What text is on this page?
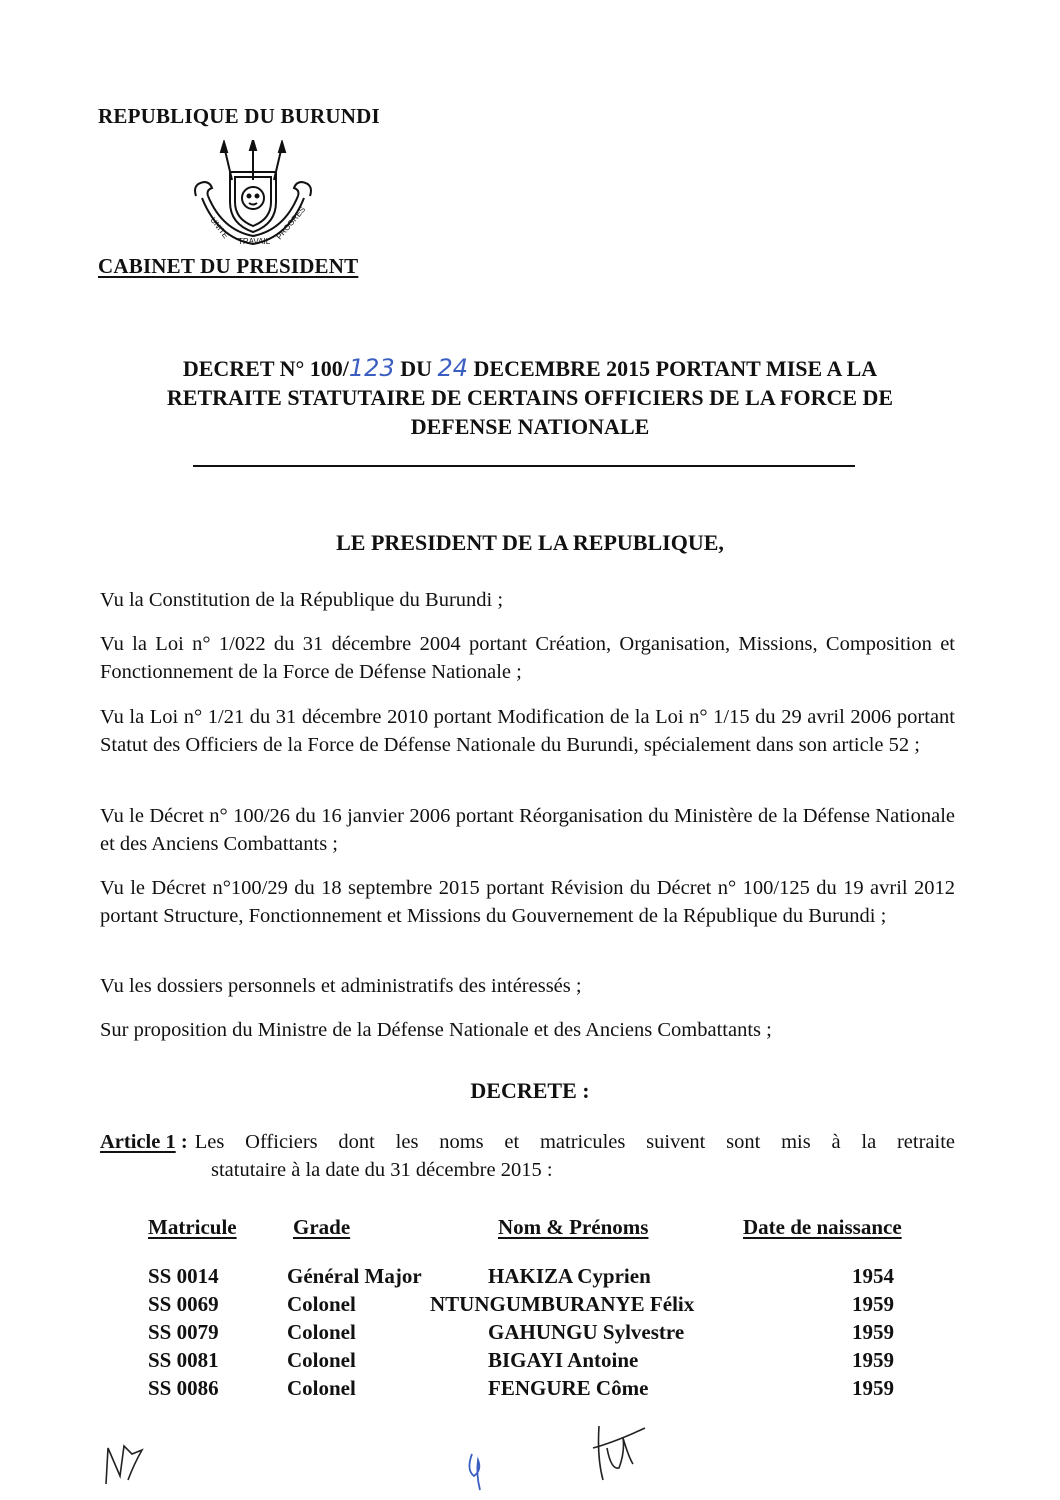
REPUBLIQUE DU BURUNDI
UNITE
TRAVAIL
PROGRES
CABINET DU PRESIDENT
DECRET N° 100/123 DU 24 DECEMBRE 2015 PORTANT MISE A LA
RETRAITE STATUTAIRE DE CERTAINS OFFICIERS DE LA FORCE DE
DEFENSE NATIONALE
LE PRESIDENT DE LA REPUBLIQUE,
Vu la Constitution de la République du Burundi ;
Vu la Loi n° 1/022 du 31 décembre 2004 portant Création, Organisation, Missions, Composition et Fonctionnement de la Force de Défense Nationale ;
Vu la Loi n° 1/21 du 31 décembre 2010 portant Modification de la Loi n° 1/15 du 29 avril 2006 portant Statut des Officiers de la Force de Défense Nationale du Burundi, spécialement dans son article 52 ;
Vu le Décret n° 100/26 du 16 janvier 2006 portant Réorganisation du Ministère de la Défense Nationale et des Anciens Combattants ;
Vu le Décret n°100/29 du 18 septembre 2015 portant Révision du Décret n° 100/125 du 19 avril 2012 portant Structure, Fonctionnement et Missions du Gouvernement de la République du Burundi ;
Vu les dossiers personnels et administratifs des intéressés ;
Sur proposition du Ministre de la Défense Nationale et des Anciens Combattants ;
DECRETE :
Article 1 : Les Officiers dont les noms et matricules suivent sont mis à la retraite
statutaire à la date du 31 décembre 2015 :
Matricule	Grade	Nom & Prénoms	Date de naissance
SS 0014	Général Major	HAKIZA Cyprien	1954
SS 0069	Colonel	NTUNGUMBURANYE Félix	1959
SS 0079	Colonel	GAHUNGU Sylvestre	1959
SS 0081	Colonel	BIGAYI Antoine	1959
SS 0086	Colonel	FENGURE Côme	1959
